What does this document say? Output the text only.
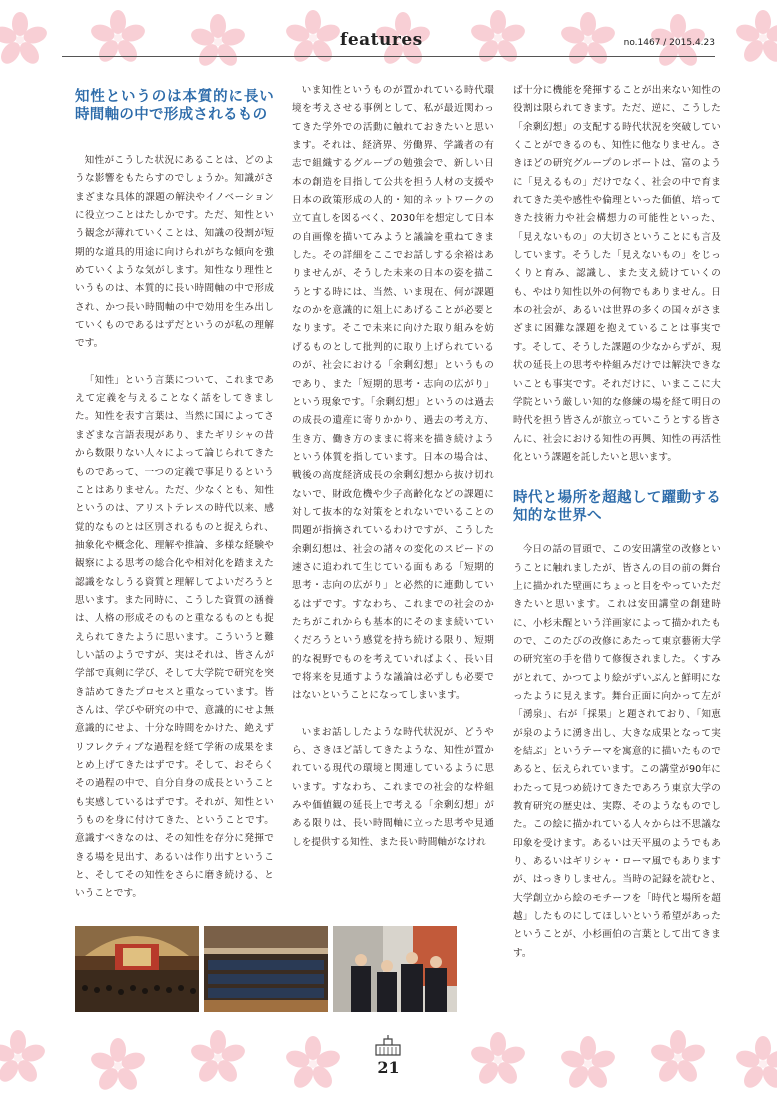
features	no.1467 / 2015.4.23
知性というのは本質的に長い時間軸の中で形成されるもの

知性がこうした状況にあることは、どのような影響をもたらすのでしょうか。知識がさまざまな具体的課題の解決やイノベーションに役立つことはたしかです。ただ、知性という観念が薄れていくことは、知識の役割が短期的な道具的用途に向けられがちな傾向を強めていくような気がします。知性なり理性というものは、本質的に長い時間軸の中で形成され、かつ長い時間軸の中で効用を生み出していくものであるはずだというのが私の理解です。

「知性」という言葉について、これまであえて定義を与えることなく話をしてきました。知性を表す言葉は、当然に国によってさまざまな言語表現があり、またギリシャの昔から数限りない人々によって論じられてきたものであって、一つの定義で事足りるということはありません。ただ、少なくとも、知性というのは、アリストテレスの時代以来、感覚的なものとは区別されるものと捉えられ、抽象化や概念化、理解や推論、多様な経験や観察による思考の総合化や相対化を踏まえた認識をなしうる資質と理解してよいだろうと思います。また同時に、こうした資質の涵養は、人格の形成そのものと重なるものとも捉えられてきたように思います。こういうと難しい話のようですが、実はそれは、皆さんが学部で真剣に学び、そして大学院で研究を突き詰めてきたプロセスと重なっています。皆さんは、学びや研究の中で、意識的にせよ無意識的にせよ、十分な時間をかけた、絶えずリフレクティブな過程を経て学術の成果をまとめ上げてきたはずです。そして、おそらくその過程の中で、自分自身の成長ということも実感しているはずです。それが、知性というものを身に付けてきた、ということです。意識すべきなのは、その知性を存分に発揮できる場を見出す、あるいは作り出すということ、そしてその知性をさらに磨き続ける、ということです。

いま知性というものが置かれている時代環境を考えさせる事例として、私が最近関わってきた学外での活動に触れておきたいと思います。それは、経済界、労働界、学識者の有志で組織するグループの勉強会で、新しい日本の創造を目指して公共を担う人材の支援や日本の政策形成の人的・知的ネットワークの立て直しを図るべく、2030年を想定して日本の自画像を描いてみようと議論を重ねてきました。その詳細をここでお話しする余裕はありませんが、そうした未来の日本の姿を描こうとする時には、当然、いま現在、何が課題なのかを意識的に俎上にあげることが必要となります。そこで未来に向けた取り組みを妨げるものとして批判的に取り上げられているのが、社会における「余剰幻想」というものであり、また「短期的思考・志向の広がり」という現象です。「余剰幻想」というのは過去の成長の遺産に寄りかかり、過去の考え方、生き方、働き方のままに将来を描き続けようという体質を指しています。日本の場合は、戦後の高度経済成長の余剰幻想から抜け切れないで、財政危機や少子高齢化などの課題に対して抜本的な対策をとれないでいることの問題が指摘されているわけですが、こうした余剰幻想は、社会の諸々の変化のスピードの速さに追われて生じている面もある「短期的思考・志向の広がり」と必然的に連動しているはずです。すなわち、これまでの社会のかたちがこれからも基本的にそのまま続いていくだろうという感覚を持ち続ける限り、短期的な視野でものを考えていればよく、長い目で将来を見通すような議論は必ずしも必要ではないということになってしまいます。

いまお話ししたような時代状況が、どうやら、さきほど話してきたような、知性が置かれている現代の環境と関連しているように思います。すなわち、これまでの社会的な枠組みや価値観の延長上で考える「余剰幻想」がある限りは、長い時間軸に立った思考や見通しを提供する知性、また長い時間軸がなけれ

ば十分に機能を発揮することが出来ない知性の役割は限られてきます。ただ、逆に、こうした「余剰幻想」の支配する時代状況を突破していくことができるのも、知性に他なりません。さきほどの研究グループのレポートは、富のように「見えるもの」だけでなく、社会の中で育まれてきた美や感性や倫理といった価値、培ってきた技術力や社会構想力の可能性といった、「見えないもの」の大切さということにも言及しています。そうした「見えないもの」をじっくりと育み、認識し、また支え続けていくのも、やはり知性以外の何物でもありません。日本の社会が、あるいは世界の多くの国々がさまざまに困難な課題を抱えていることは事実です。そして、そうした課題の少なからずが、現状の延長上の思考や枠組みだけでは解決できないことも事実です。それだけに、いまここに大学院という厳しい知的な修練の場を経て明日の時代を担う皆さんが旅立っていこうとする皆さんに、社会における知性の再興、知性の再活性化という課題を託したいと思います。

時代と場所を超越して躍動する知的な世界へ

今日の話の冒頭で、この安田講堂の改修ということに触れましたが、皆さんの目の前の舞台上に描かれた壁画にちょっと目をやっていただきたいと思います。これは安田講堂の創建時に、小杉未醒という洋画家によって描かれたもので、このたびの改修にあたって東京藝術大学の研究室の手を借りて修復されました。くすみがとれて、かつてより絵がずいぶんと鮮明になったように見えます。舞台正面に向かって左が「湧泉」、右が「採果」と題されており、「知恵が泉のように湧き出し、大きな成果となって実を結ぶ」というテーマを寓意的に描いたものであると、伝えられています。この講堂が90年にわたって見つめ続けてきたであろう東京大学の教育研究の歴史は、実際、そのようなものでした。この絵に描かれている人々からは不思議な印象を受けます。あるいは天平風のようでもあり、あるいはギリシャ・ローマ風でもありますが、はっきりしません。当時の記録を読むと、大学創立から絵のモチーフを「時代と場所を超越」したものにしてほしいという希望があったということが、小杉画伯の言葉として出てきます。

21
